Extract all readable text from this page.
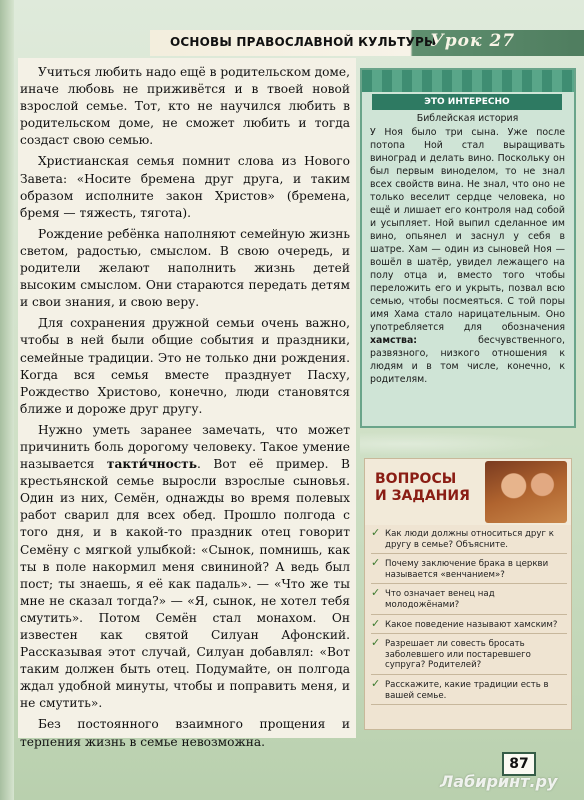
ОСНОВЫ ПРАВОСЛАВНОЙ КУЛЬТУРЫ
Урок 27

Учиться любить надо ещё в родительском доме, иначе любовь не приживётся и в твоей новой взрослой семье. Тот, кто не научился любить в родительском доме, не сможет любить и тогда создаст свою семью.

Христианская семья помнит слова из Нового Завета: «Носите бремена друг друга, и таким образом исполните закон Христов» (бремена, бремя — тяжесть, тягота).

Рождение ребёнка наполняют семейную жизнь светом, радостью, смыслом. В свою очередь, и родители желают наполнить жизнь детей высоким смыслом. Они стараются передать детям и свои знания, и свою веру.

Для сохранения дружной семьи очень важно, чтобы в ней были общие события и праздники, семейные традиции. Это не только дни рождения. Когда вся семья вместе празднует Пасху, Рождество Христово, конечно, люди становятся ближе и дороже друг другу.

Нужно уметь заранее замечать, что может причинить боль дорогому человеку. Такое умение называется такти́чность. Вот её пример. В крестьянской семье выросли взрослые сыновья. Один из них, Семён, однажды во время полевых работ сварил для всех обед. Прошло полгода с того дня, и в какой-то праздник отец говорит Семёну с мягкой улыбкой: «Сынок, помнишь, как ты в поле накормил меня свининой? А ведь был пост; ты знаешь, я её как падаль». — «Что же ты мне не сказал тогда?» — «Я, сынок, не хотел тебя смутить». Потом Семён стал монахом. Он известен как святой Силуан Афонский. Рассказывая этот случай, Силуан добавлял: «Вот таким должен быть отец. Подумайте, он полгода ждал удобной минуты, чтобы и поправить меня, и не смутить».

Без постоянного взаимного прощения и терпения жизнь в семье невозможна.

ЭТО ИНТЕРЕСНО
Библейская история
У Ноя было три сына. Уже после потопа Ной стал выращивать виноград и делать вино. Поскольку он был первым виноделом, то не знал всех свойств вина. Не знал, что оно не только веселит сердце человека, но ещё и лишает его контроля над собой и усыпляет. Ной выпил сделанное им вино, опьянел и заснул у себя в шатре. Хам — один из сыновей Ноя — вошёл в шатёр, увидел лежащего на полу отца и, вместо того чтобы переложить его и укрыть, позвал всю семью, чтобы посмеяться. С той поры имя Хама стало нарицательным. Оно употребляется для обозначения хамства: бесчувственного, развязного, низкого отношения к людям и в том числе, конечно, к родителям.
ВОПРОСЫ
И ЗАДАНИЯ
✓ Как люди должны относиться друг к другу в семье? Объясните.
✓ Почему заключение брака в церкви называется «венчанием»?
✓ Что означает венец над молодожёнами?
✓ Какое поведение называют хамским?
✓ Разрешает ли совесть бросать заболевшего или постаревшего супруга? Родителей?
✓ Расскажите, какие традиции есть в вашей семье.
87
Лабиринт.ру
